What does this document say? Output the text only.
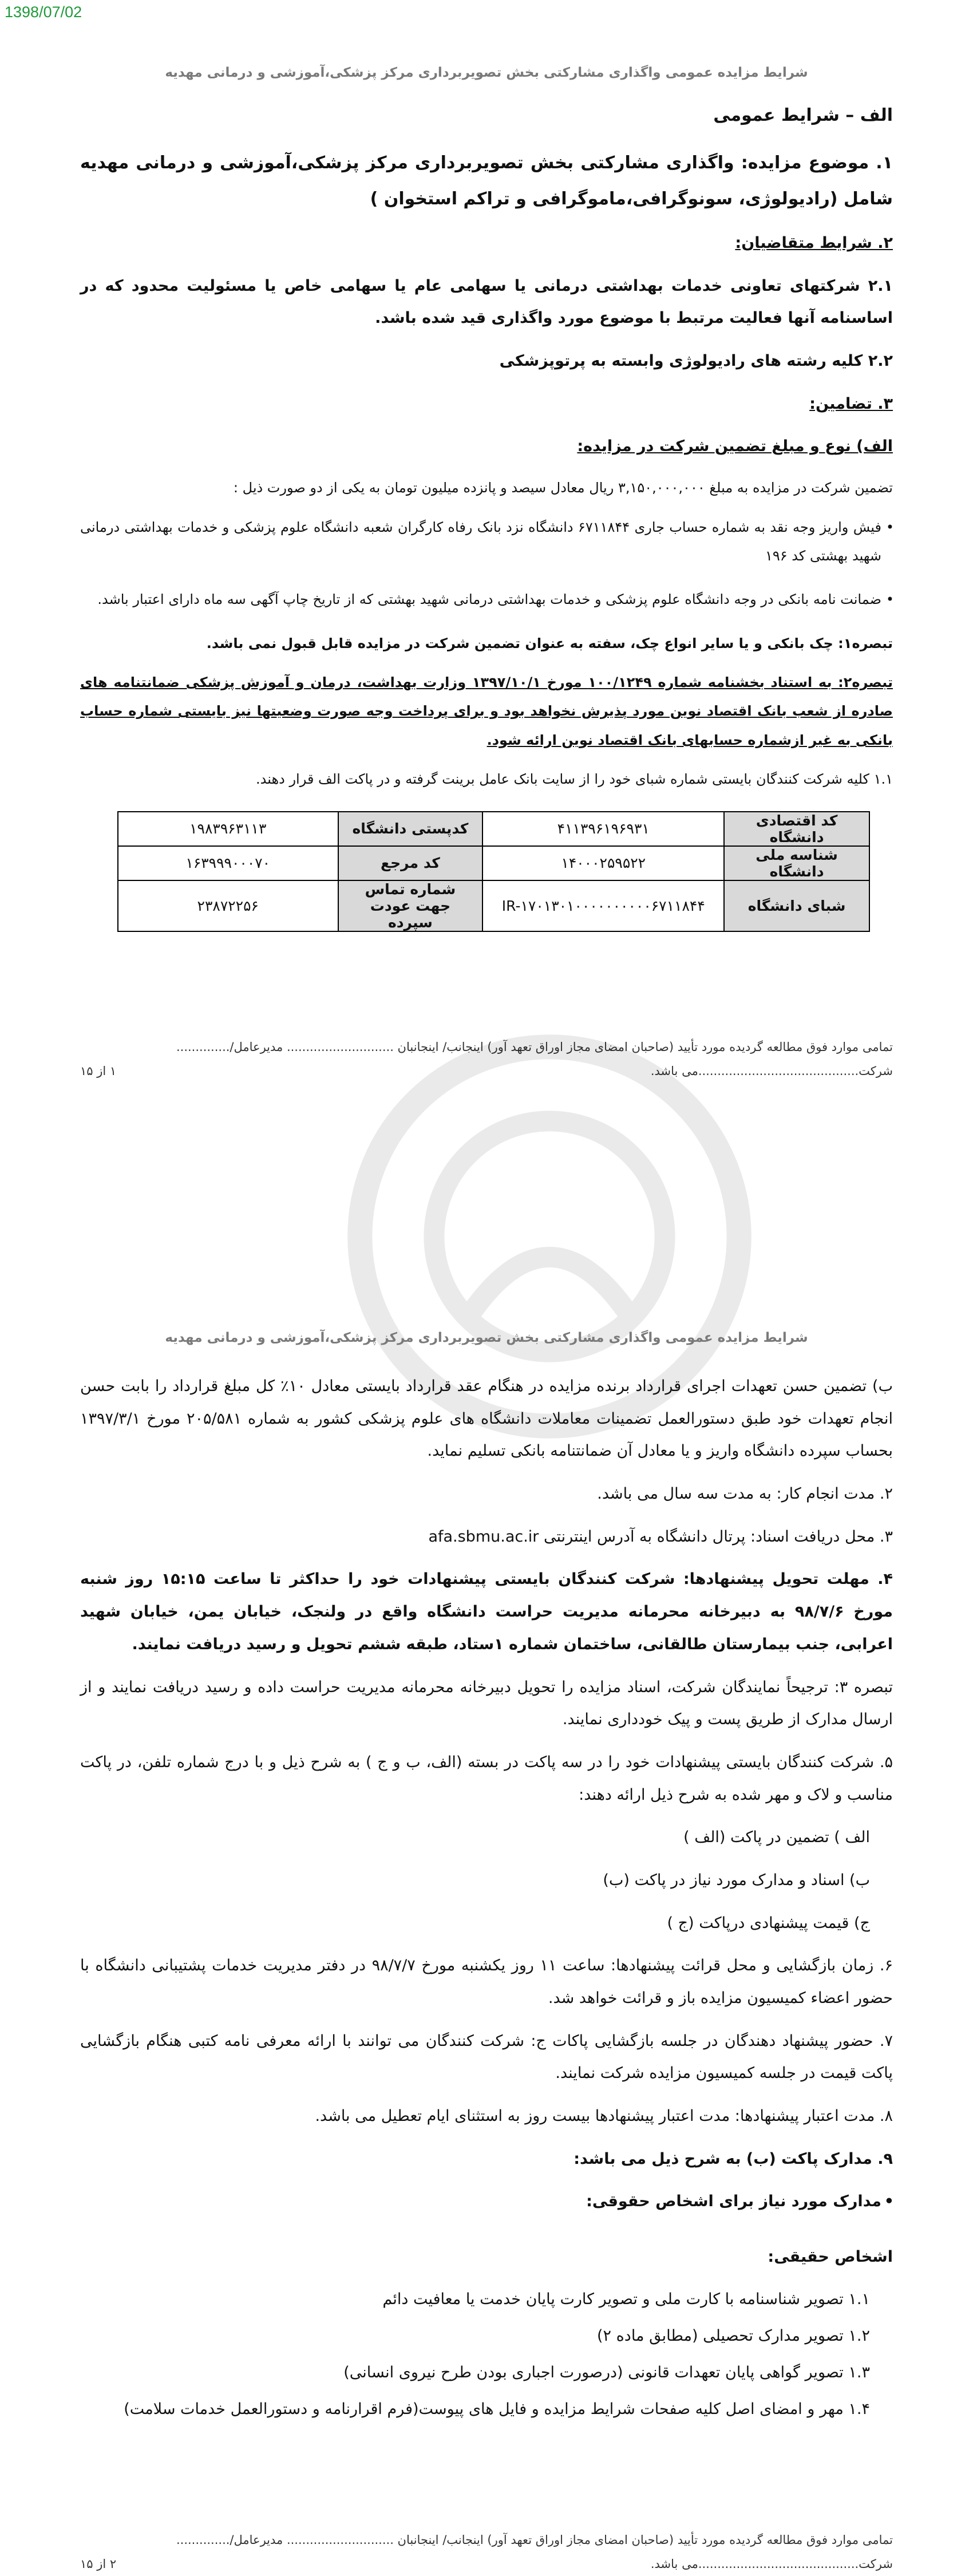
1398/07/02
شرایط مزایده عمومی واگذاری مشارکتی بخش تصویربرداری مرکز پزشکی،آموزشی و درمانی مهدیه
الف – شرایط عمومی
۱. موضوع مزایده: واگذاری مشارکتی بخش تصویربرداری مرکز پزشکی،آموزشی و درمانی مهدیه شامل (رادیولوژی، سونوگرافی،ماموگرافی و تراکم استخوان )
۲. شرایط متقاضیان:
۲.۱ شرکتهای تعاونی خدمات بهداشتی درمانی یا سهامی عام یا سهامی خاص یا مسئولیت محدود که در اساسنامه آنها فعالیت مرتبط با موضوع مورد واگذاری قید شده باشد.
۲.۲ کلیه رشته های رادیولوژی وابسته به پرتوپزشکی
۳. تضامین:
الف) نوع و مبلغ تضمین شرکت در مزایده:
تضمین شرکت در مزایده به مبلغ ۳,۱۵۰,۰۰۰,۰۰۰ ریال معادل سیصد و پانزده میلیون تومان به یکی از دو صورت ذیل :
• فیش واریز وجه نقد به شماره حساب جاری ۶۷۱۱۸۴۴ دانشگاه نزد بانک رفاه کارگران شعبه دانشگاه علوم پزشکی و خدمات بهداشتی درمانی شهید بهشتی کد ۱۹۶
• ضمانت نامه بانکی در وجه دانشگاه علوم پزشکی و خدمات بهداشتی درمانی شهید بهشتی که از تاریخ چاپ آگهی سه ماه دارای اعتبار باشد.
تبصره۱: چک بانکی و یا سایر انواع چک، سفته به عنوان تضمین شرکت در مزایده قابل قبول نمی باشد.
تبصره۲: به استناد بخشنامه شماره ۱۰۰/۱۲۴۹ مورخ ۱۳۹۷/۱۰/۱ وزارت بهداشت، درمان و آموزش پزشکی ضمانتنامه های صادره از شعب بانک اقتصاد نوین مورد پذیرش نخواهد بود و برای پرداخت وجه صورت وضعیتها نیز بایستی شماره حساب بانکی به غیر ازشماره حسابهای بانک اقتصاد نوین ارائه شود.
۱.۱ کلیه شرکت کنندگان بایستی شماره شبای خود را از سایت بانک عامل برینت گرفته و در پاکت الف قرار دهند.
کد اقتصادی دانشگاه	۴۱۱۳۹۶۱۹۶۹۳۱	کدپستی دانشگاه	۱۹۸۳۹۶۳۱۱۳
شناسه ملی دانشگاه	۱۴۰۰۰۲۵۹۵۲۲	کد مرجع	۱۶۳۹۹۹۰۰۰۷۰
شبای دانشگاه	IR-۱۷۰۱۳۰۱۰۰۰۰۰۰۰۰۰۰۶۷۱۱۸۴۴	شماره تماس جهت عودت سپرده	۲۳۸۷۲۲۵۶
تمامی موارد فوق مطالعه گردیده مورد تأیید (صاحبان امضای مجاز اوراق تعهد آور) اینجانب/ اینجانبان ............................ مدیرعامل/..............
شرکت..........................................می باشد.
۱ از ۱۵
شرایط مزایده عمومی واگذاری مشارکتی بخش تصویربرداری مرکز پزشکی،آموزشی و درمانی مهدیه
ب) تضمین حسن تعهدات اجرای قرارداد برنده مزایده در هنگام عقد قرارداد بایستی معادل ۱۰٪ کل مبلغ قرارداد را بابت حسن انجام تعهدات خود طبق دستورالعمل تضمینات معاملات دانشگاه های علوم پزشکی کشور به شماره ۲۰۵/۵۸۱ مورخ ۱۳۹۷/۳/۱ بحساب سپرده دانشگاه واریز و یا معادل آن ضمانتنامه بانکی تسلیم نماید.
۲. مدت انجام کار: به مدت سه سال می باشد.
۳. محل دریافت اسناد: پرتال دانشگاه به آدرس اینترنتی afa.sbmu.ac.ir
۴. مهلت تحویل پیشنهادها: شرکت کنندگان بایستی پیشنهادات خود را حداکثر تا ساعت ۱۵:۱۵ روز شنبه مورخ ۹۸/۷/۶ به دبیرخانه محرمانه مدیریت حراست دانشگاه واقع در ولنجک، خیابان یمن، خیابان شهید اعرابی، جنب بیمارستان طالقانی، ساختمان شماره ۱ستاد، طبقه ششم تحویل و رسید دریافت نمایند.
تبصره ۳: ترجیحاً نمایندگان شرکت، اسناد مزایده را تحویل دبیرخانه محرمانه مدیریت حراست داده و رسید دریافت نمایند و از ارسال مدارک از طریق پست و پیک خودداری نمایند.
۵. شرکت کنندگان بایستی پیشنهادات خود را در سه پاکت در بسته (الف، ب و ج ) به شرح ذیل و با درج شماره تلفن، در پاکت مناسب و لاک و مهر شده به شرح ذیل ارائه دهند:
الف ) تضمین در پاکت (الف )
ب) اسناد و مدارک مورد نیاز در پاکت (ب)
ج) قیمت پیشنهادی درپاکت (ج )
۶. زمان بازگشایی و محل قرائت پیشنهادها: ساعت ۱۱ روز یکشنبه مورخ ۹۸/۷/۷ در دفتر مدیریت خدمات پشتیبانی دانشگاه با حضور اعضاء کمیسیون مزایده باز و قرائت خواهد شد.
۷. حضور پیشنهاد دهندگان در جلسه بازگشایی پاکات ج: شرکت کنندگان می توانند با ارائه معرفی نامه کتبی هنگام بازگشایی پاکت قیمت در جلسه کمیسیون مزایده شرکت نمایند.
۸. مدت اعتبار پیشنهادها: مدت اعتبار پیشنهادها بیست روز به استثنای ایام تعطیل می باشد.
۹. مدارک پاکت (ب) به شرح ذیل می باشد:
• مدارک مورد نیاز برای اشخاص حقوقی:
اشخاص حقیقی:
۱.۱ تصویر شناسنامه با کارت ملی و تصویر کارت پایان خدمت یا معافیت دائم
۱.۲ تصویر مدارک تحصیلی (مطابق ماده ۲)
۱.۳ تصویر گواهی پایان تعهدات قانونی (درصورت اجباری بودن طرح نیروی انسانی)
۱.۴ مهر و امضای اصل کلیه صفحات شرایط مزایده و فایل های پیوست(فرم اقرارنامه و دستورالعمل خدمات سلامت)
تمامی موارد فوق مطالعه گردیده مورد تأیید (صاحبان امضای مجاز اوراق تعهد آور) اینجانب/ اینجانبان ............................ مدیرعامل/..............
شرکت..........................................می باشد.
۲ از ۱۵
